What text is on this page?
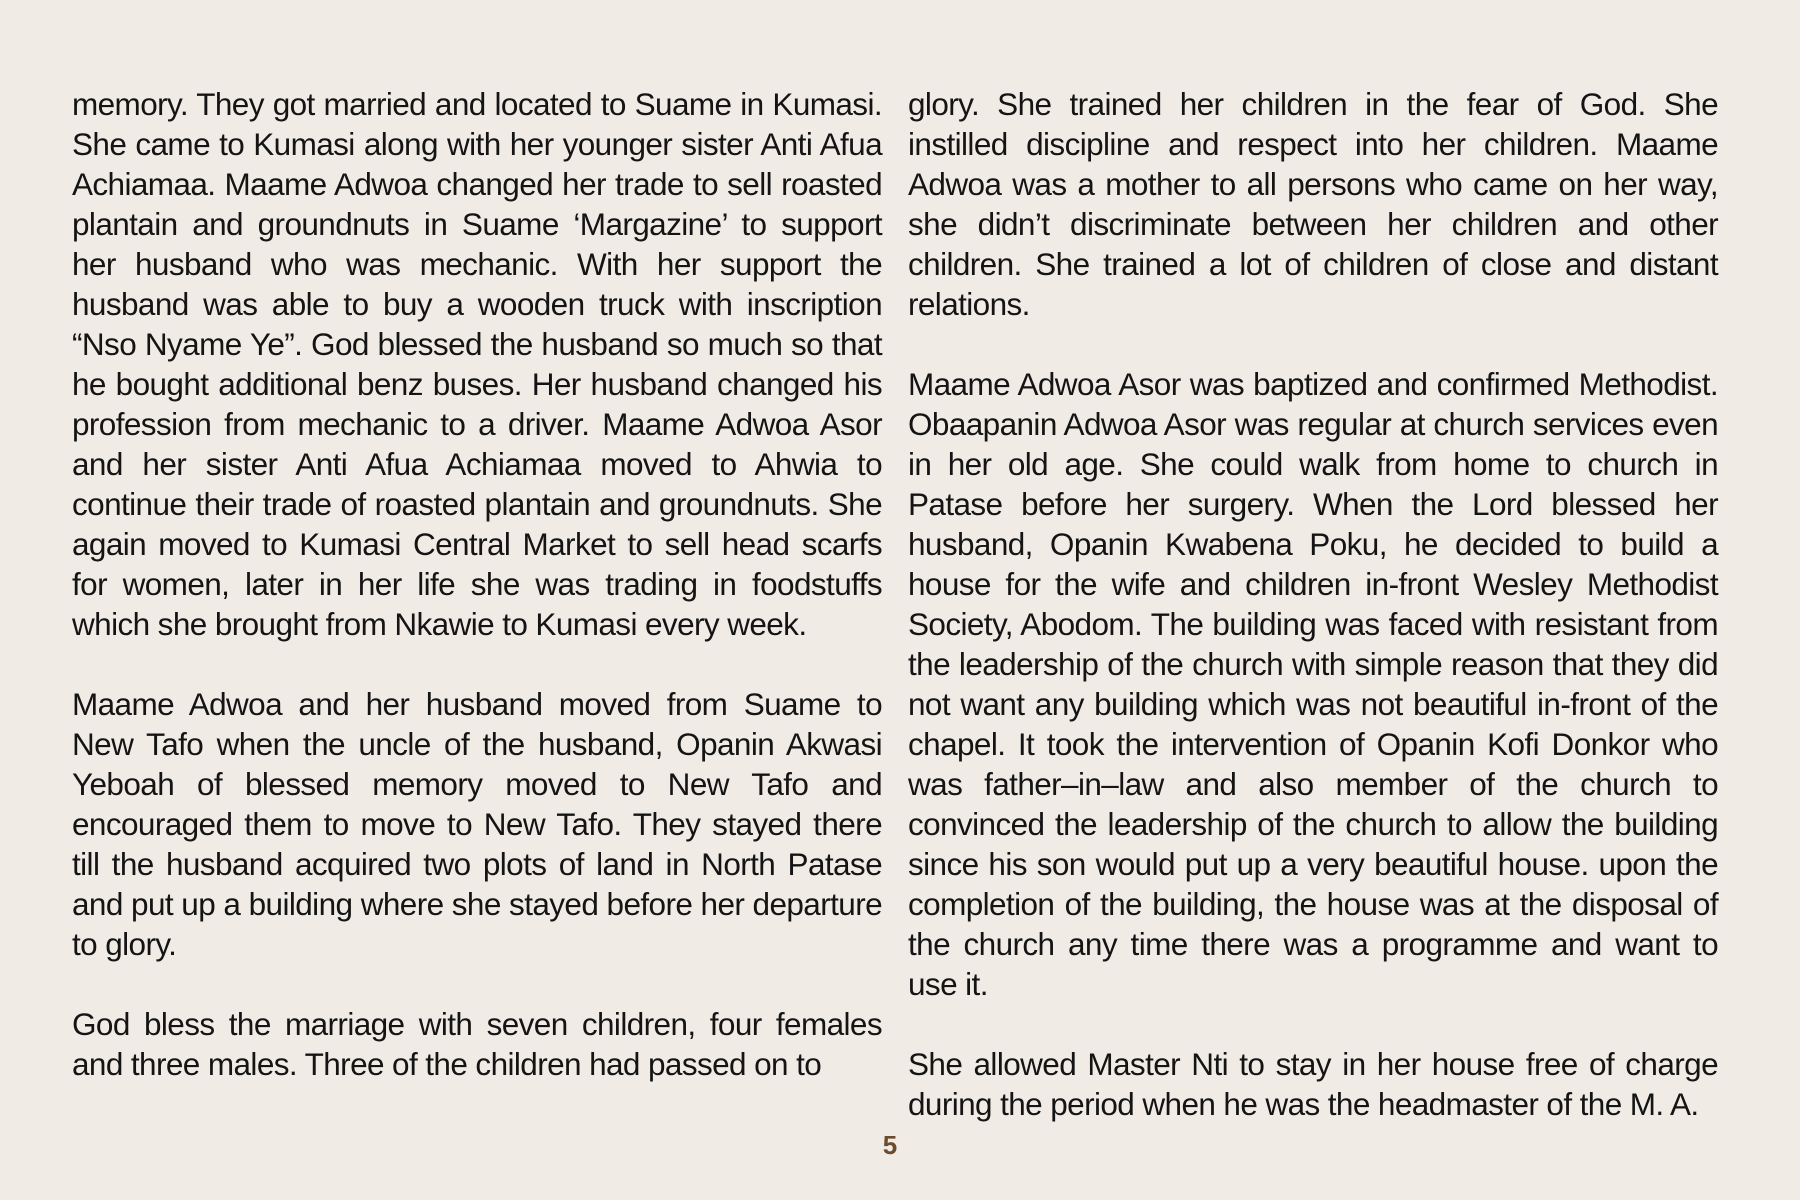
memory. They got married and located to Suame in Kumasi. She came to Kumasi along with her younger sister Anti Afua Achiamaa. Maame Adwoa changed her trade to sell roasted plantain and groundnuts in Suame ‘Margazine’ to support her husband who was mechanic. With her support the husband was able to buy a wooden truck with inscription “Nso Nyame Ye”. God blessed the husband so much so that he bought additional benz buses. Her husband changed his profession from mechanic to a driver. Maame Adwoa Asor and her sister Anti Afua Achiamaa moved to Ahwia to continue their trade of roasted plantain and groundnuts. She again moved to Kumasi Central Market to sell head scarfs for women, later in her life she was trading in foodstuffs which she brought from Nkawie to Kumasi every week.

Maame Adwoa and her husband moved from Suame to New Tafo when the uncle of the husband, Opanin Akwasi Yeboah of blessed memory moved to New Tafo and encouraged them to move to New Tafo. They stayed there till the husband acquired two plots of land in North Patase and put up a building where she stayed before her departure to glory.

God bless the marriage with seven children, four females and three males. Three of the children had passed on to

glory. She trained her children in the fear of God. She instilled discipline and respect into her children. Maame Adwoa was a mother to all persons who came on her way, she didn’t discriminate between her children and other children. She trained a lot of children of close and distant relations.

Maame Adwoa Asor was baptized and confirmed Methodist. Obaapanin Adwoa Asor was regular at church services even in her old age. She could walk from home to church in Patase before her surgery. When the Lord blessed her husband, Opanin Kwabena Poku, he decided to build a house for the wife and children in-front Wesley Methodist Society, Abodom. The building was faced with resistant from the leadership of the church with simple reason that they did not want any building which was not beautiful in-front of the chapel. It took the intervention of Opanin Kofi Donkor who was father–in–law and also member of the church to convinced the leadership of the church to allow the building since his son would put up a very beautiful house. upon the completion of the building, the house was at the disposal of the church any time there was a programme and want to use it.

She allowed Master Nti to stay in her house free of charge during the period when he was the headmaster of the M. A.

5
